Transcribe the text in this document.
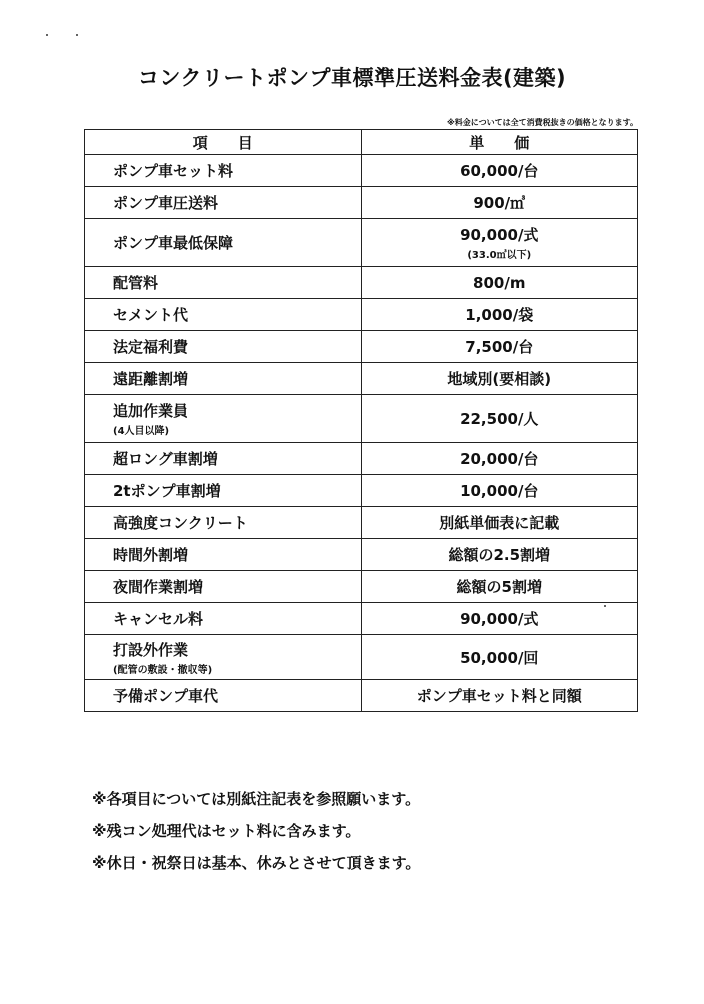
コンクリートポンプ車標準圧送料金表(建築)
※料金については全て消費税抜きの価格となります。
項　　目	単　　価
ポンプ車セット料	60,000/台
ポンプ車圧送料	900/㎥
ポンプ車最低保障	90,000/式
(33.0㎥以下)

配管料	800/m
セメント代	1,000/袋
法定福利費	7,500/台
遠距離割増	地域別(要相談)
追加作業員
(4人目以降)	22,500/人
超ロング車割増	20,000/台
2tポンプ車割増	10,000/台
高強度コンクリート	別紙単価表に記載
時間外割増	総額の2.5割増
夜間作業割増	総額の5割増
キャンセル料	90,000/式
打設外作業
(配管の敷設・撤収等)	50,000/回
予備ポンプ車代	ポンプ車セット料と同額
※各項目については別紙注記表を参照願います。
※残コン処理代はセット料に含みます。
※休日・祝祭日は基本、休みとさせて頂きます。
